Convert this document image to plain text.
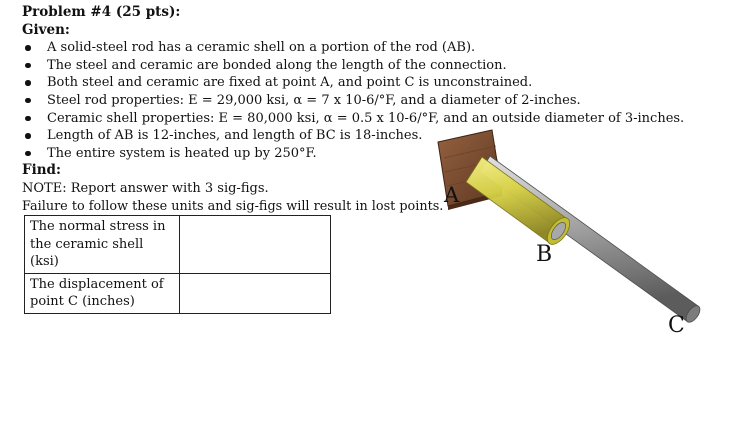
Problem #4 (25 pts):
Given:
A solid-steel rod has a ceramic shell on a portion of the rod (AB).
The steel and ceramic are bonded along the length of the connection.
Both steel and ceramic are fixed at point A, and point C is unconstrained.
Steel rod properties: E = 29,000 ksi, α = 7 x 10-6/°F, and a diameter of 2-inches.
Ceramic shell properties: E = 80,000 ksi, α = 0.5 x 10-6/°F, and an outside diameter of 3-inches.
Length of AB is 12-inches, and length of BC is 18-inches.
The entire system is heated up by 250°F.
Find:
NOTE: Report answer with 3 sig-figs.
Failure to follow these units and sig-figs will result in lost points.
The normal stress in the ceramic shell (ksi)	
The displacement of point C (inches)	
A
B
C
